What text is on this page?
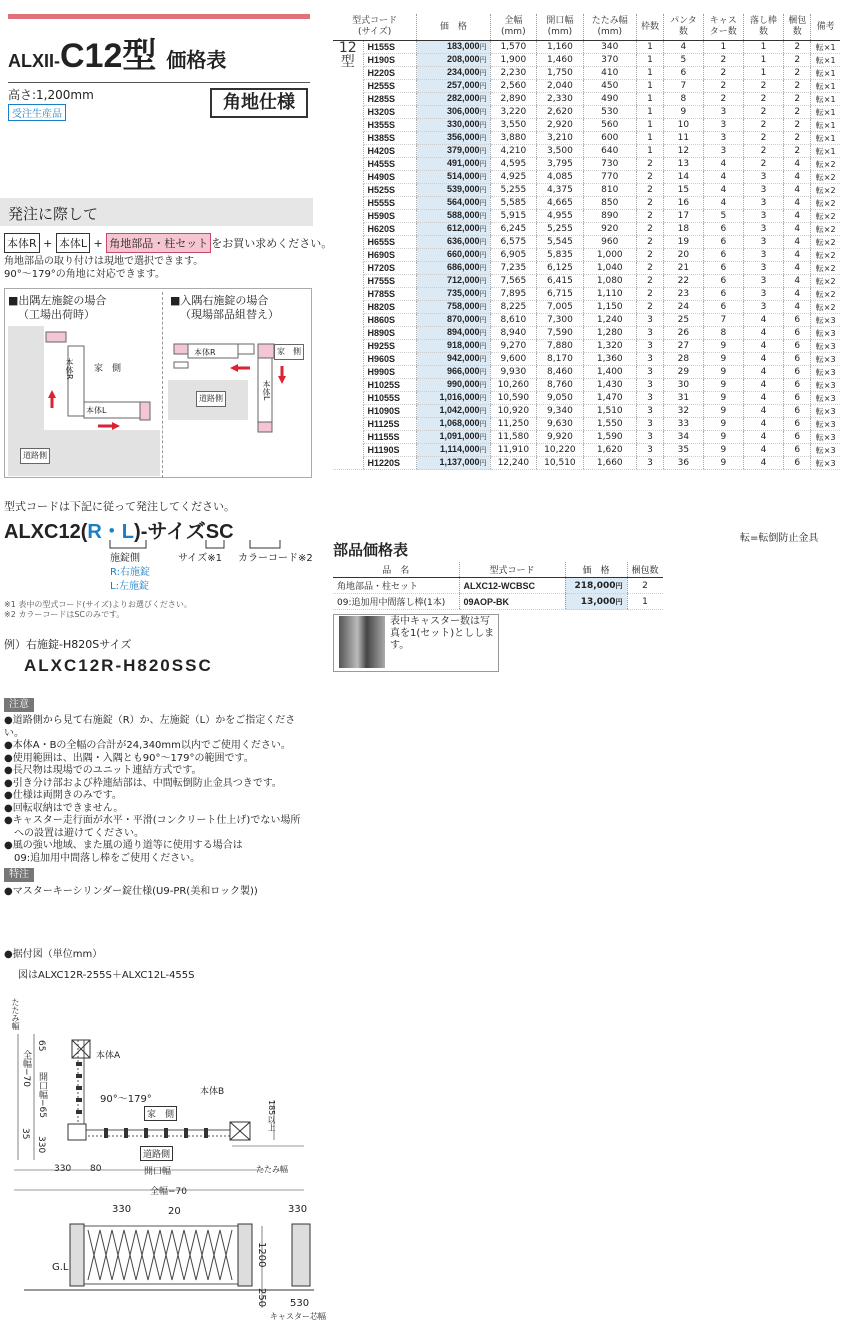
ALXII-C12型 価格表
高さ:1,200mm
受注生産品
角地仕様
発注に際して
本体R + 本体L + 角地部品・柱セット をお買い求めください。
角地部品の取り付けは現地で選択できます。
90°〜179°の角地に対応できます。
■出隅左施錠の場合
（工場出荷時）
■入隅右施錠の場合
（現場部品組替え）
家　側
道路側
本体L
本体R
家　側
道路側
本体R
本体L
型式コードは下記に従って発注してください。
ALXC12(R・L)-サイズSC
施錠側
R:右施錠
L:左施錠
サイズ※1 カラーコード※2
※1 表中の型式コード(サイズ)よりお選びください。
※2 カラーコードはSCのみです。
例）右施錠-H820Sサイズ
ALXC12R-H820SSC
注意
●道路側から見て右施錠（R）か、左施錠（L）かをご指定ください。
●本体A・Bの全幅の合計が24,340mm以内でご使用ください。
●使用範囲は、出隅・入隅とも90°〜179°の範囲です。
●長尺物は現場でのユニット連結方式です。
●引き分け部および枠連結部は、中間転倒防止金具つきです。
●仕様は両開きのみです。
●回転収納はできません。
●キャスター走行面が水平・平滑(コンクリート仕上げ)でない場所
　への設置は避けてください。
●風の強い地域、また風の通り道等に使用する場合は
　09:追加用中間落し棒をご使用ください。
特注
●マスターキーシリンダー錠仕様(U9-PR(美和ロック製))
●据付図（単位mm）
図はALXC12R-255S＋ALXC12L-455S
たたみ幅
本体A
本体B
90°〜179°
家　側
道路側
開口幅	たたみ幅
全幅−70
185以上
330 80
35
330
65
全幅−70
開口幅−65
330	20	330
1200
250 530
キャスター芯幅
G.L
型式コード
(サイズ)		価　格	全幅
(mm)	開口幅
(mm)	たたみ幅
(mm)	枠数	パンタ
数	キャス
ター数	落し棒
数	梱包
数	備考
12型	H155S	183,000円	1,570	1,160	340	1	4	1	1	2	転×1
	H190S	208,000円	1,900	1,460	370	1	5	2	1	2	転×1
	H220S	234,000円	2,230	1,750	410	1	6	2	1	2	転×1
	H255S	257,000円	2,560	2,040	450	1	7	2	2	2	転×1
	H285S	282,000円	2,890	2,330	490	1	8	2	2	2	転×1
	H320S	306,000円	3,220	2,620	530	1	9	3	2	2	転×1
	H355S	330,000円	3,550	2,920	560	1	10	3	2	2	転×1
	H385S	356,000円	3,880	3,210	600	1	11	3	2	2	転×1
	H420S	379,000円	4,210	3,500	640	1	12	3	2	2	転×1
	H455S	491,000円	4,595	3,795	730	2	13	4	2	4	転×2
	H490S	514,000円	4,925	4,085	770	2	14	4	3	4	転×2
	H525S	539,000円	5,255	4,375	810	2	15	4	3	4	転×2
	H555S	564,000円	5,585	4,665	850	2	16	4	3	4	転×2
	H590S	588,000円	5,915	4,955	890	2	17	5	3	4	転×2
	H620S	612,000円	6,245	5,255	920	2	18	6	3	4	転×2
	H655S	636,000円	6,575	5,545	960	2	19	6	3	4	転×2
	H690S	660,000円	6,905	5,835	1,000	2	20	6	3	4	転×2
	H720S	686,000円	7,235	6,125	1,040	2	21	6	3	4	転×2
	H755S	712,000円	7,565	6,415	1,080	2	22	6	3	4	転×2
	H785S	735,000円	7,895	6,715	1,110	2	23	6	3	4	転×2
	H820S	758,000円	8,225	7,005	1,150	2	24	6	3	4	転×2
	H860S	870,000円	8,610	7,300	1,240	3	25	7	4	6	転×3
	H890S	894,000円	8,940	7,590	1,280	3	26	8	4	6	転×3
	H925S	918,000円	9,270	7,880	1,320	3	27	9	4	6	転×3
	H960S	942,000円	9,600	8,170	1,360	3	28	9	4	6	転×3
	H990S	966,000円	9,930	8,460	1,400	3	29	9	4	6	転×3
	H1025S	990,000円	10,260	8,760	1,430	3	30	9	4	6	転×3
	H1055S	1,016,000円	10,590	9,050	1,470	3	31	9	4	6	転×3
	H1090S	1,042,000円	10,920	9,340	1,510	3	32	9	4	6	転×3
	H1125S	1,068,000円	11,250	9,630	1,550	3	33	9	4	6	転×3
	H1155S	1,091,000円	11,580	9,920	1,590	3	34	9	4	6	転×3
	H1190S	1,114,000円	11,910	10,220	1,620	3	35	9	4	6	転×3
	H1220S	1,137,000円	12,240	10,510	1,660	3	36	9	4	6	転×3
転=転倒防止金具
部品価格表
品　名	型式コード	価　格	梱包数
角地部品・柱セット	ALXC12-WCBSC	218,000円	2
09:追加用中間落し棒(1本)	09AOP-BK	13,000円	1
表中キャスター数は写真を1(セット)としします。
